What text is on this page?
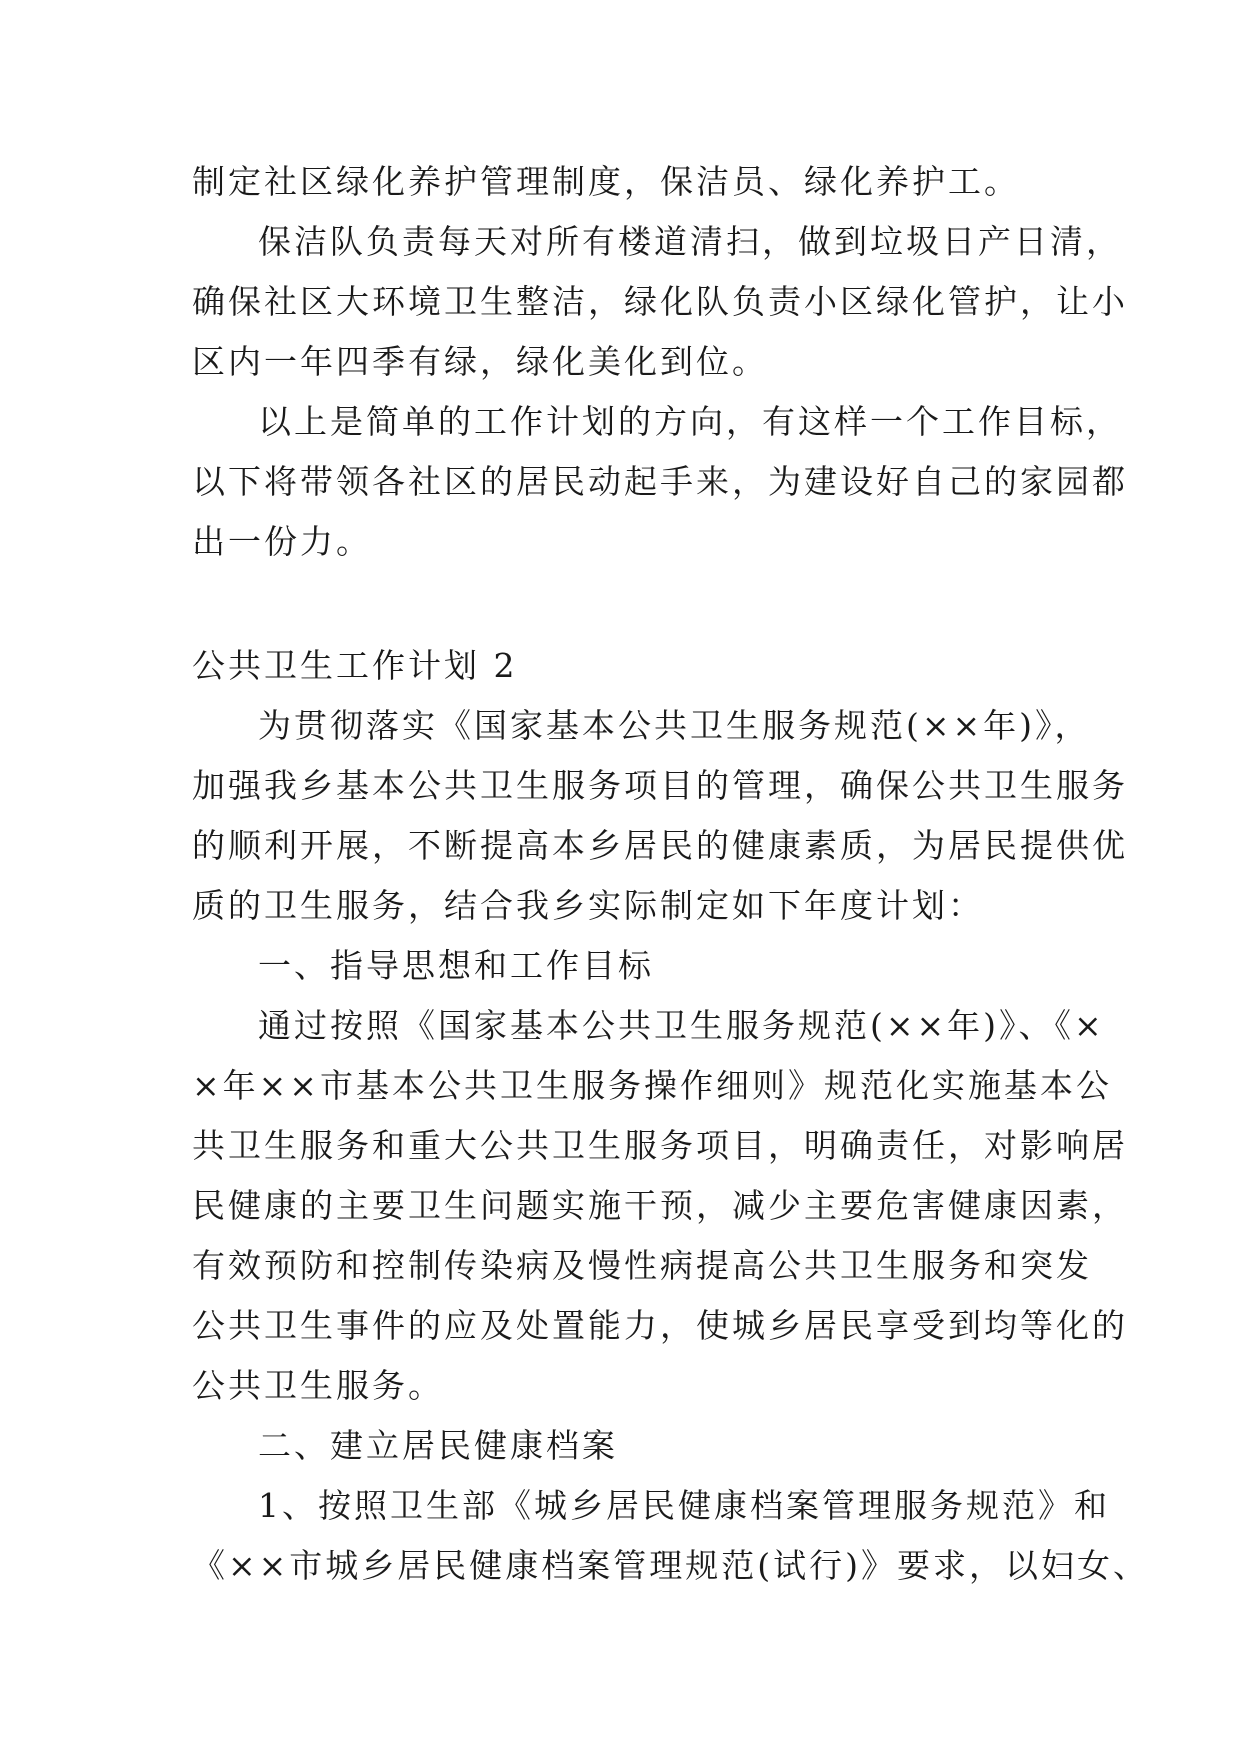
制定社区绿化养护管理制度，保洁员、绿化养护工。

保洁队负责每天对所有楼道清扫，做到垃圾日产日清，

确保社区大环境卫生整洁，绿化队负责小区绿化管护，让小

区内一年四季有绿，绿化美化到位。

以上是简单的工作计划的方向，有这样一个工作目标，

以下将带领各社区的居民动起手来，为建设好自己的家园都

出一份力。

公共卫生工作计划 2

为贯彻落实《国家基本公共卫生服务规范(××年)》，

加强我乡基本公共卫生服务项目的管理，确保公共卫生服务

的顺利开展，不断提高本乡居民的健康素质，为居民提供优

质的卫生服务，结合我乡实际制定如下年度计划：

一、指导思想和工作目标

通过按照《国家基本公共卫生服务规范(××年)》、《×

×年××市基本公共卫生服务操作细则》规范化实施基本公

共卫生服务和重大公共卫生服务项目，明确责任，对影响居

民健康的主要卫生问题实施干预，减少主要危害健康因素，

有效预防和控制传染病及慢性病提高公共卫生服务和突发

公共卫生事件的应及处置能力，使城乡居民享受到均等化的

公共卫生服务。

二、建立居民健康档案

1、按照卫生部《城乡居民健康档案管理服务规范》和

《××市城乡居民健康档案管理规范(试行)》要求，以妇女、
